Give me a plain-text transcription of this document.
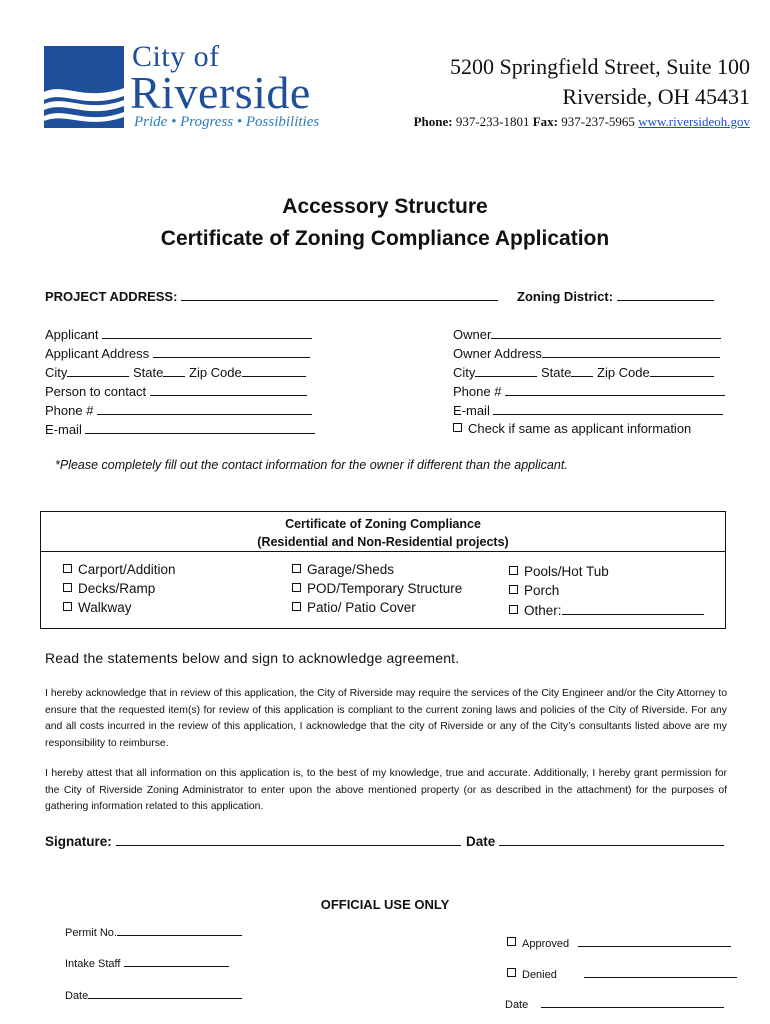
City of
Riverside
Pride • Progress • Possibilities
5200 Springfield Street, Suite 100
Riverside, OH 45431
Phone: 937-233-1801 Fax: 937-237-5965 www.riversideoh.gov
Accessory Structure
Certificate of Zoning Compliance Application
PROJECT ADDRESS:	Zoning District:
Applicant
Applicant Address
City	State Zip Code
Person to contact
Phone #
E-mail
Owner
Owner Address
City	State Zip Code
Phone #
E-mail
Check if same as applicant information
*Please completely fill out the contact information for the owner if different than the applicant.
Certificate of Zoning Compliance
(Residential and Non-Residential projects)
Carport/Addition
Decks/Ramp
Walkway
Garage/Sheds
POD/Temporary Structure
Patio/ Patio Cover
Pools/Hot Tub
Porch
Other:
Read the statements below and sign to acknowledge agreement.
I hereby acknowledge that in review of this application, the City of Riverside may require the services of the City Engineer and/or the City Attorney to ensure that the requested item(s) for review of this application is compliant to the current zoning laws and policies of the City of Riverside. For any and all costs incurred in the review of this application, I acknowledge that the city of Riverside or any of the City’s consultants listed above are my responsibility to reimburse.
I hereby attest that all information on this application is, to the best of my knowledge, true and accurate. Additionally, I hereby grant permission for the City of Riverside Zoning Administrator to enter upon the above mentioned property (or as described in the attachment) for the purposes of gathering information related to this application.
Signature:	Date
OFFICIAL USE ONLY
Permit No.
Intake Staff
Date
Approved
Denied
Date
